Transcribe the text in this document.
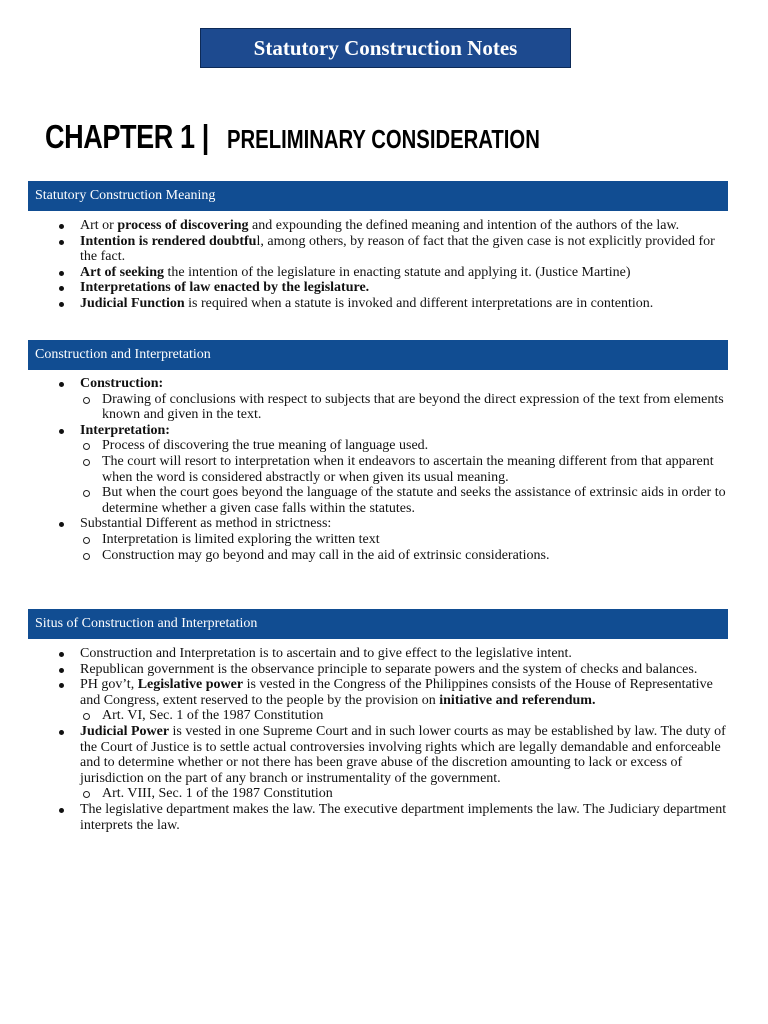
Statutory Construction Notes
CHAPTER 1 | PRELIMINARY CONSIDERATION
Statutory Construction Meaning
Art or process of discovering and expounding the defined meaning and intention of the authors of the law.
Intention is rendered doubtful, among others, by reason of fact that the given case is not explicitly provided for the fact.
Art of seeking the intention of the legislature in enacting statute and applying it. (Justice Martine)
Interpretations of law enacted by the legislature.
Judicial Function is required when a statute is invoked and different interpretations are in contention.
Construction and Interpretation
Construction:
Drawing of conclusions with respect to subjects that are beyond the direct expression of the text from elements known and given in the text.
Interpretation:
Process of discovering the true meaning of language used.
The court will resort to interpretation when it endeavors to ascertain the meaning different from that apparent when the word is considered abstractly or when given its usual meaning.
But when the court goes beyond the language of the statute and seeks the assistance of extrinsic aids in order to determine whether a given case falls within the statutes.
Substantial Different as method in strictness:
Interpretation is limited exploring the written text
Construction may go beyond and may call in the aid of extrinsic considerations.
Situs of Construction and Interpretation
Construction and Interpretation is to ascertain and to give effect to the legislative intent.
Republican government is the observance principle to separate powers and the system of checks and balances.
PH gov’t, Legislative power is vested in the Congress of the Philippines consists of the House of Representative and Congress, extent reserved to the people by the provision on initiative and referendum.
Art. VI, Sec. 1 of the 1987 Constitution
Judicial Power is vested in one Supreme Court and in such lower courts as may be established by law. The duty of the Court of Justice is to settle actual controversies involving rights which are legally demandable and enforceable and to determine whether or not there has been grave abuse of the discretion amounting to lack or excess of jurisdiction on the part of any branch or instrumentality of the government.
Art. VIII, Sec. 1 of the 1987 Constitution
The legislative department makes the law. The executive department implements the law. The Judiciary department interprets the law.
